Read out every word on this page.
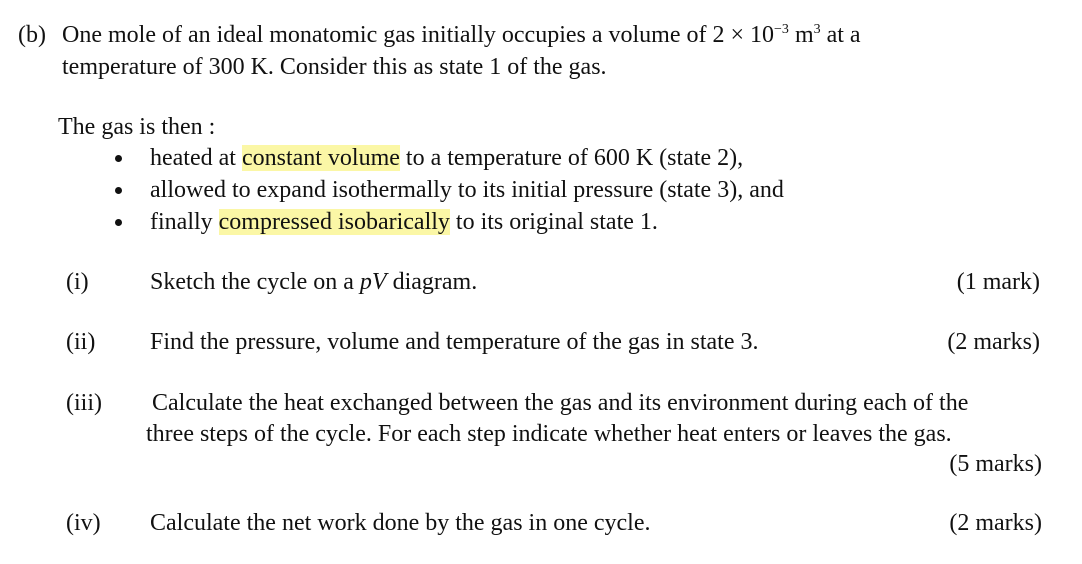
(b) One mole of an ideal monatomic gas initially occupies a volume of $2 \times 10^{-3}$ $m^3$ at a
temperature of 300 K. Consider this as state 1 of the gas.
The gas is then :
heated at constant volume to a temperature of 600 K (state 2),
allowed to expand isothermally to its initial pressure (state 3), and
finally compressed isobarically to its original state 1.
(i)	Sketch the cycle on a pV diagram.	(1 mark)
(ii) Find the pressure, volume and temperature of the gas in state 3.	(2 marks)
(iii) Calculate the heat exchanged between the gas and its environment during each of the
three steps of the cycle. For each step indicate whether heat enters or leaves the gas.
(5 marks)
(iv) Calculate the net work done by the gas in one cycle.	(2 marks)
